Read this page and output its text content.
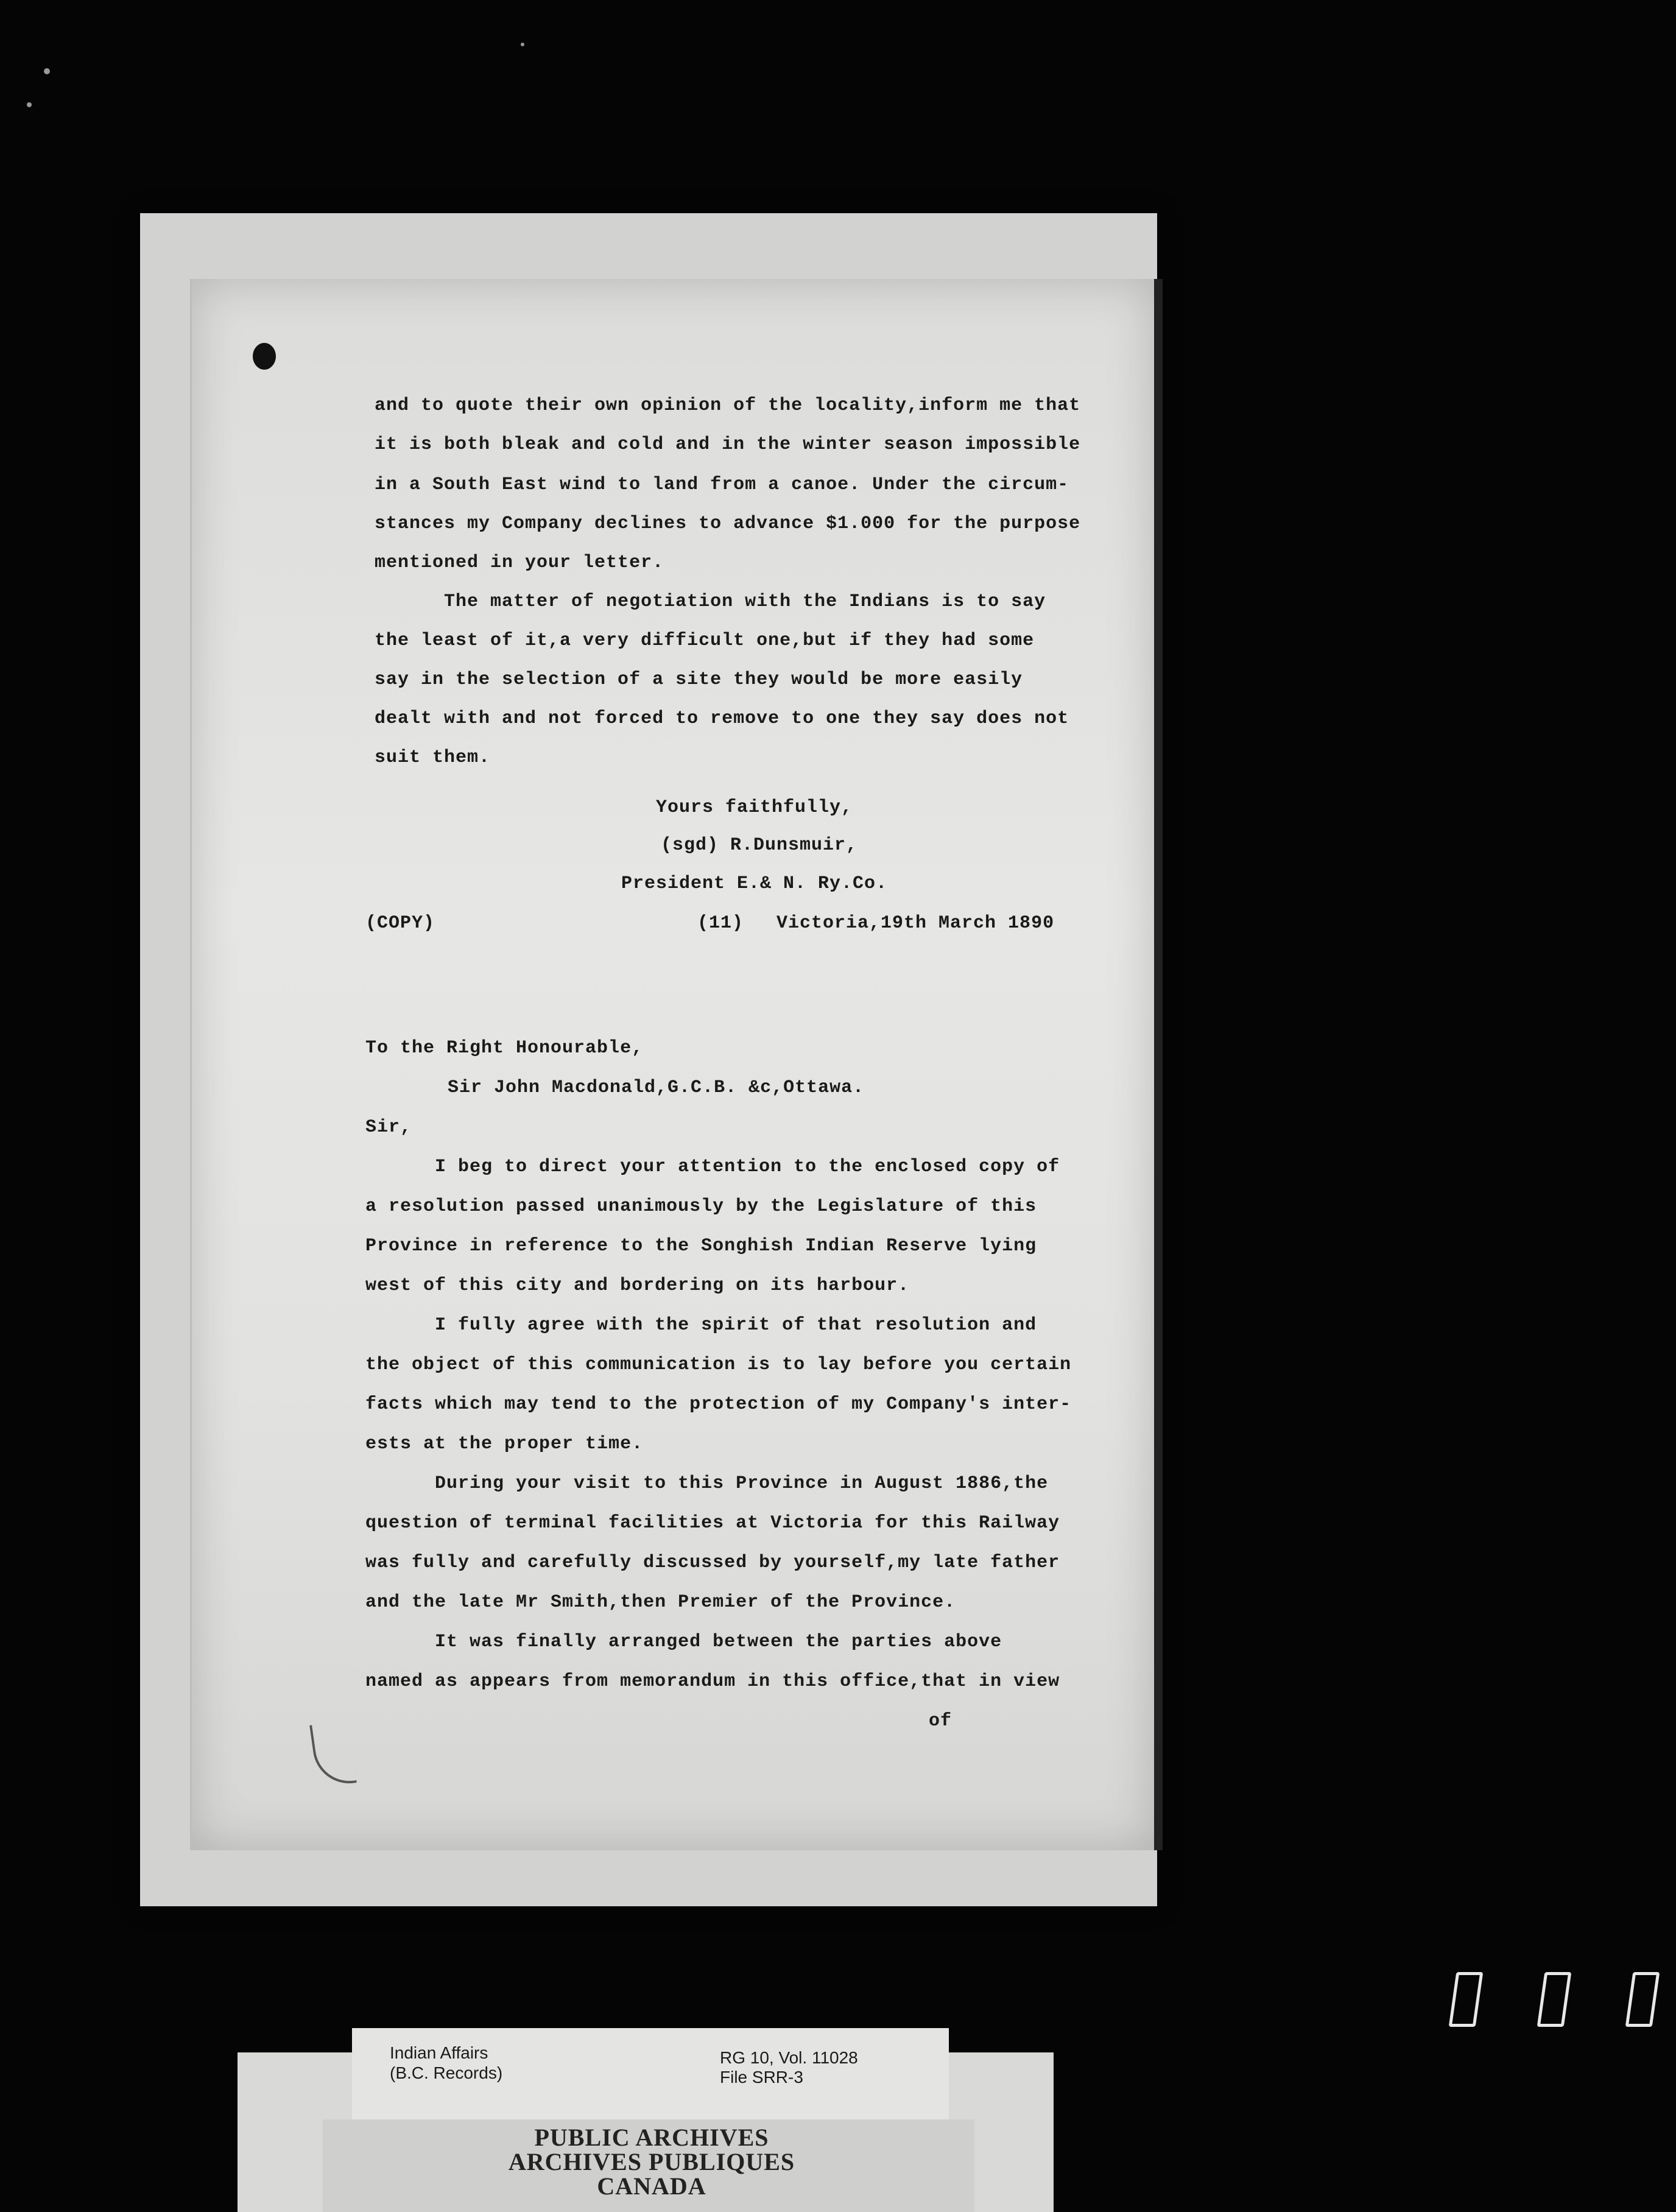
and to quote their own opinion of the locality,inform me that
it is both bleak and cold and in the winter season impossible
in a South East wind to land from a canoe. Under the circum-
stances my Company declines to advance $1.000 for the purpose
mentioned in your letter.
The matter of negotiation with the Indians is to say
the least of it,a very difficult one,but if they had some
say in the selection of a site they would be more easily
dealt with and not forced to remove to one they say does not
suit them.
Yours faithfully,
(sgd) R.Dunsmuir,
President E.& N. Ry.Co.
(COPY)	(11) Victoria,19th March 1890
To the Right Honourable,
Sir John Macdonald,G.C.B. &c,Ottawa.
Sir,
I beg to direct your attention to the enclosed copy of
a resolution passed unanimously by the Legislature of this
Province in reference to the Songhish Indian Reserve lying
west of this city and bordering on its harbour.
I fully agree with the spirit of that resolution and
the object of this communication is to lay before you certain
facts which may tend to the protection of my Company's inter-
ests at the proper time.
During your visit to this Province in August 1886,the
question of terminal facilities at Victoria for this Railway
was fully and carefully discussed by yourself,my late father
and the late Mr Smith,then Premier of the Province.
It was finally arranged between the parties above
named as appears from memorandum in this office,that in view
of
Indian Affairs
(B.C. Records)
RG 10, Vol. 11028
File SRR-3
PUBLIC ARCHIVES
ARCHIVES PUBLIQUES
CANADA
